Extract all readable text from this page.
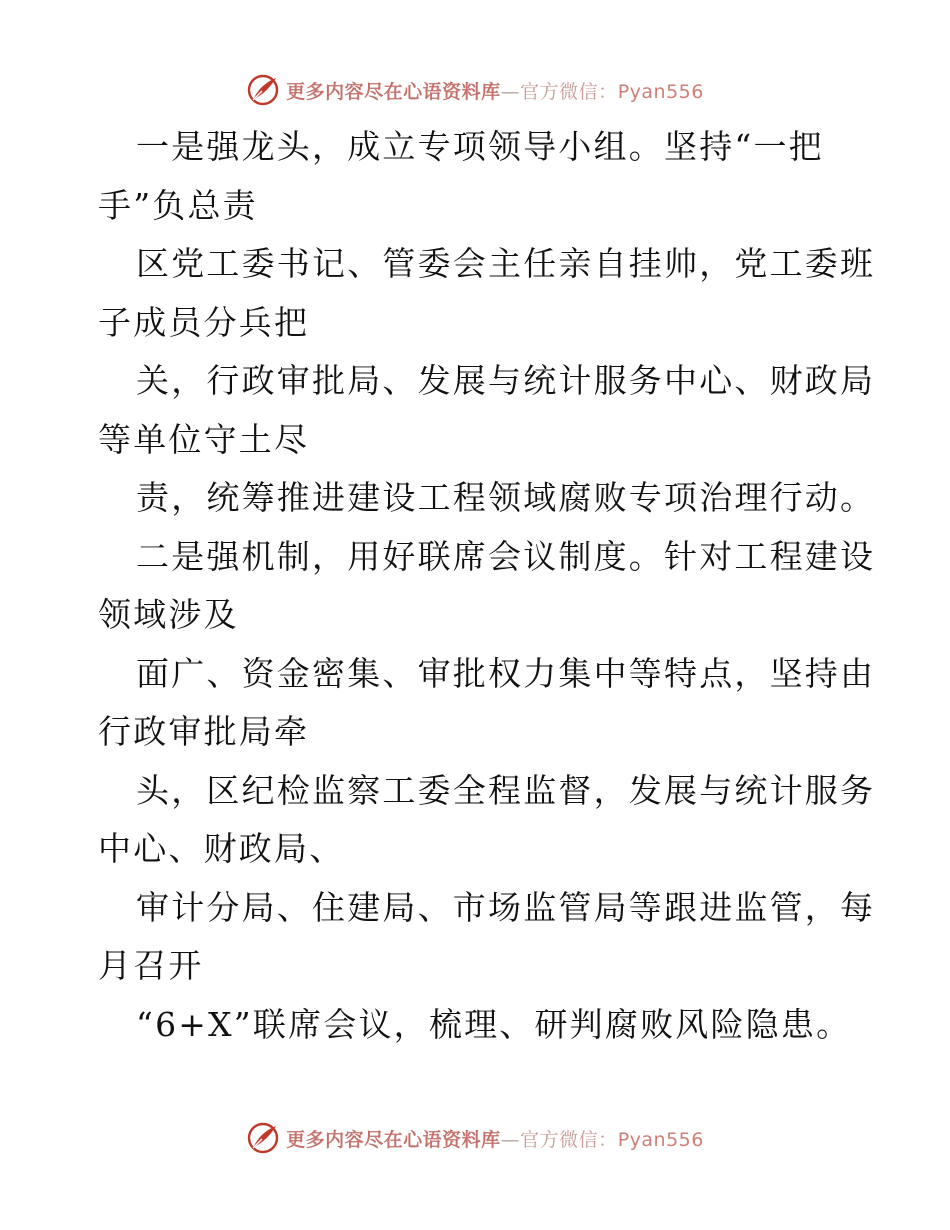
更多内容尽在心语资料库—官方微信：Pyan556
一是强龙头，成立专项领导小组。坚持“一把
手”负总责
区党工委书记、管委会主任亲自挂帅，党工委班
子成员分兵把
关，行政审批局、发展与统计服务中心、财政局
等单位守土尽
责，统筹推进建设工程领域腐败专项治理行动。
二是强机制，用好联席会议制度。针对工程建设
领域涉及
面广、资金密集、审批权力集中等特点，坚持由
行政审批局牵
头，区纪检监察工委全程监督，发展与统计服务
中心、财政局、
审计分局、住建局、市场监管局等跟进监管，每
月召开
“6+X”联席会议，梳理、研判腐败风险隐患。
更多内容尽在心语资料库—官方微信：Pyan556
